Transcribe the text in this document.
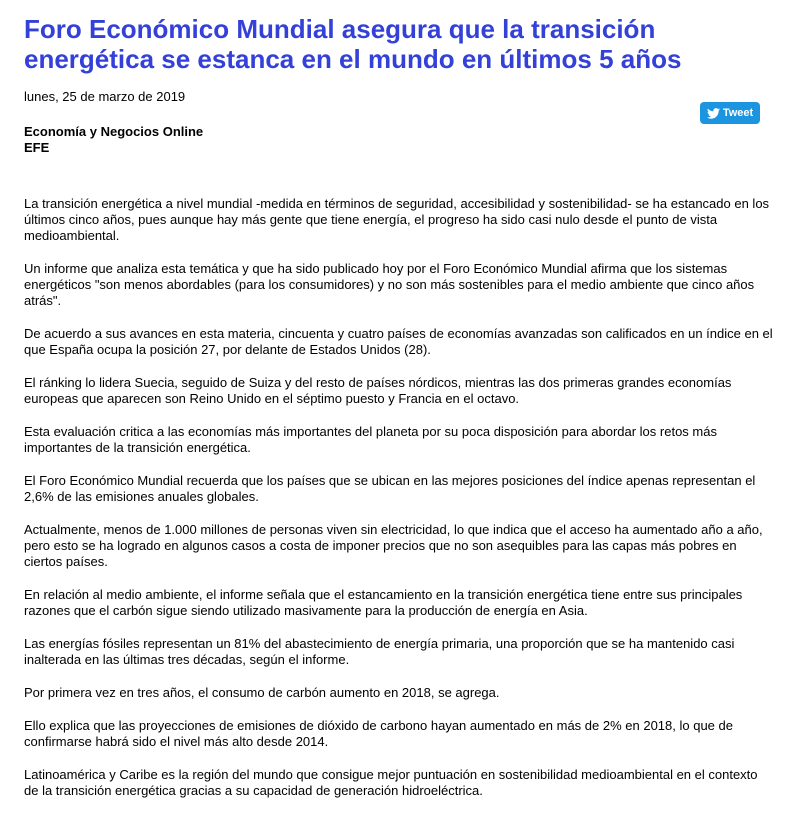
Foro Económico Mundial asegura que la transición energética se estanca en el mundo en últimos 5 años
lunes, 25 de marzo de 2019
Tweet
Economía y Negocios Online
EFE

La transición energética a nivel mundial -medida en términos de seguridad, accesibilidad y sostenibilidad- se ha estancado en los últimos cinco años, pues aunque hay más gente que tiene energía, el progreso ha sido casi nulo desde el punto de vista medioambiental.

Un informe que analiza esta temática y que ha sido publicado hoy por el Foro Económico Mundial afirma que los sistemas energéticos "son menos abordables (para los consumidores) y no son más sostenibles para el medio ambiente que cinco años atrás".

De acuerdo a sus avances en esta materia, cincuenta y cuatro países de economías avanzadas son calificados en un índice en el que España ocupa la posición 27, por delante de Estados Unidos (28).

El ránking lo lidera Suecia, seguido de Suiza y del resto de países nórdicos, mientras las dos primeras grandes economías europeas que aparecen son Reino Unido en el séptimo puesto y Francia en el octavo.

Esta evaluación critica a las economías más importantes del planeta por su poca disposición para abordar los retos más importantes de la transición energética.

El Foro Económico Mundial recuerda que los países que se ubican en las mejores posiciones del índice apenas representan el 2,6% de las emisiones anuales globales.

Actualmente, menos de 1.000 millones de personas viven sin electricidad, lo que indica que el acceso ha aumentado año a año, pero esto se ha logrado en algunos casos a costa de imponer precios que no son asequibles para las capas más pobres en ciertos países.

En relación al medio ambiente, el informe señala que el estancamiento en la transición energética tiene entre sus principales razones que el carbón sigue siendo utilizado masivamente para la producción de energía en Asia.

Las energías fósiles representan un 81% del abastecimiento de energía primaria, una proporción que se ha mantenido casi inalterada en las últimas tres décadas, según el informe.

Por primera vez en tres años, el consumo de carbón aumento en 2018, se agrega.

Ello explica que las proyecciones de emisiones de dióxido de carbono hayan aumentado en más de 2% en 2018, lo que de confirmarse habrá sido el nivel más alto desde 2014.

Latinoamérica y Caribe es la región del mundo que consigue mejor puntuación en sostenibilidad medioambiental en el contexto de la transición energética gracias a su capacidad de generación hidroeléctrica.
